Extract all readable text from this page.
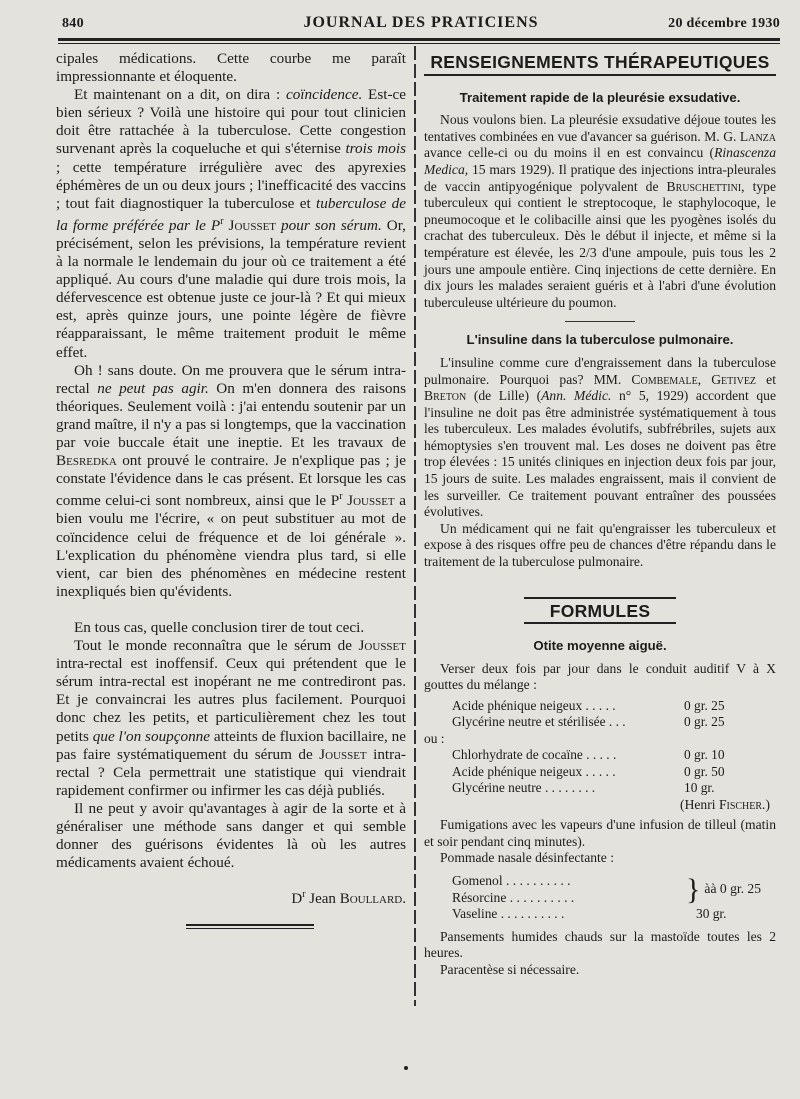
840	JOURNAL DES PRATICIENS	20 décembre 1930

cipales médications. Cette courbe me paraît impressionnante et éloquente.

Et maintenant on a dit, on dira : coïncidence. Est-ce bien sérieux ? Voilà une histoire qui pour tout clinicien doit être rattachée à la tuberculose. Cette congestion survenant après la coqueluche et qui s'éternise trois mois ; cette température irrégulière avec des apyrexies éphémères de un ou deux jours ; l'inefficacité des vaccins ; tout fait diagnostiquer la tuberculose et tuberculose de la forme préférée par le $P^r$ Jousset pour son sérum. Or, précisément, selon les prévisions, la température revient à la normale le lendemain du jour où ce traitement a été appliqué. Au cours d'une maladie qui dure trois mois, la défervescence est obtenue juste ce jour-là ? Et qui mieux est, après quinze jours, une pointe légère de fièvre réapparaissant, le même traitement produit le même effet.

Oh ! sans doute. On me prouvera que le sérum intra-rectal ne peut pas agir. On m'en donnera des raisons théoriques. Seulement voilà : j'ai entendu soutenir par un grand maître, il n'y a pas si longtemps, que la vaccination par voie buccale était une ineptie. Et les travaux de Besredka ont prouvé le contraire. Je n'explique pas ; je constate l'évidence dans le cas présent. Et lorsque les cas comme celui-ci sont nombreux, ainsi que le $P^r$ Jousset a bien voulu me l'écrire, « on peut substituer au mot de coïncidence celui de fréquence et de loi générale ». L'explication du phénomène viendra plus tard, si elle vient, car bien des phénomènes en médecine restent inexpliqués bien qu'évidents.

En tous cas, quelle conclusion tirer de tout ceci.

Tout le monde reconnaîtra que le sérum de Jousset intra-rectal est inoffensif. Ceux qui prétendent que le sérum intra-rectal est inopérant ne me contrediront pas. Et je convaincrai les autres plus facilement. Pourquoi donc chez les petits, et particulièrement chez les tout petits que l'on soupçonne atteints de fluxion bacillaire, ne pas faire systématiquement du sérum de Jousset intra-rectal ? Cela permettrait une statistique qui viendrait rapidement confirmer ou infirmer les cas déjà publiés.

Il ne peut y avoir qu'avantages à agir de la sorte et à généraliser une méthode sans danger et qui semble donner des guérisons évidentes là où les autres médicaments avaient échoué.

$D^r$ Jean Boullard.
RENSEIGNEMENTS THÉRAPEUTIQUES
Traitement rapide de la pleurésie exsudative.

Nous voulons bien. La pleurésie exsudative déjoue toutes les tentatives combinées en vue d'avancer sa guérison. M. G. Lanza avance celle-ci ou du moins il en est convaincu (Rinascenza Medica, 15 mars 1929). Il pratique des injections intra-pleurales de vaccin antipyogénique polyvalent de Bruschettini, type tuberculeux qui contient le streptocoque, le staphylocoque, le pneumocoque et le colibacille ainsi que les pyogènes isolés du crachat des tuberculeux. Dès le début il injecte, et même si la température est élevée, les 2/3 d'une ampoule, puis tous les 2 jours une ampoule entière. Cinq injections de cette dernière. En dix jours les malades seraient guéris et à l'abri d'une évolution tuberculeuse ultérieure du poumon.

L'insuline dans la tuberculose pulmonaire.

L'insuline comme cure d'engraissement dans la tuberculose pulmonaire. Pourquoi pas? MM. Combemale, Getivez et Breton (de Lille) (Ann. Médic. n° 5, 1929) accordent que l'insuline ne doit pas être administrée systématiquement à tous les tuberculeux. Les malades évolutifs, subfrébriles, sujets aux hémoptysies s'en trouvent mal. Les doses ne doivent pas être trop élevées : 15 unités cliniques en injection deux fois par jour, 15 jours de suite. Les malades engraissent, mais il convient de les surveiller. Ce traitement pouvant entraîner des poussées évolutives.

Un médicament qui ne fait qu'engraisser les tuberculeux et expose à des risques offre peu de chances d'être répandu dans le traitement de la tuberculose pulmonaire.

FORMULES
Otite moyenne aiguë.

Verser deux fois par jour dans le conduit auditif V à X gouttes du mélange :

Acide phénique neigeux . . . . .	0 gr. 25
Glycérine neutre et stérilisée . . .	0 gr. 25
ou :
Chlorhydrate de cocaïne . . . . .	0 gr. 10
Acide phénique neigeux . . . . .	0 gr. 50
Glycérine neutre . . . . . . . .	10 gr.
(Henri Fischer.)

Fumigations avec les vapeurs d'une infusion de tilleul (matin et soir pendant cinq minutes).

Pommade nasale désinfectante :

Gomenol . . . . . . . . . .
Résorcine . . . . . . . . . .	} àà 0 gr. 25
Vaseline . . . . . . . . . .	30 gr.

Pansements humides chauds sur la mastoïde toutes les 2 heures.

Paracentèse si nécessaire.
